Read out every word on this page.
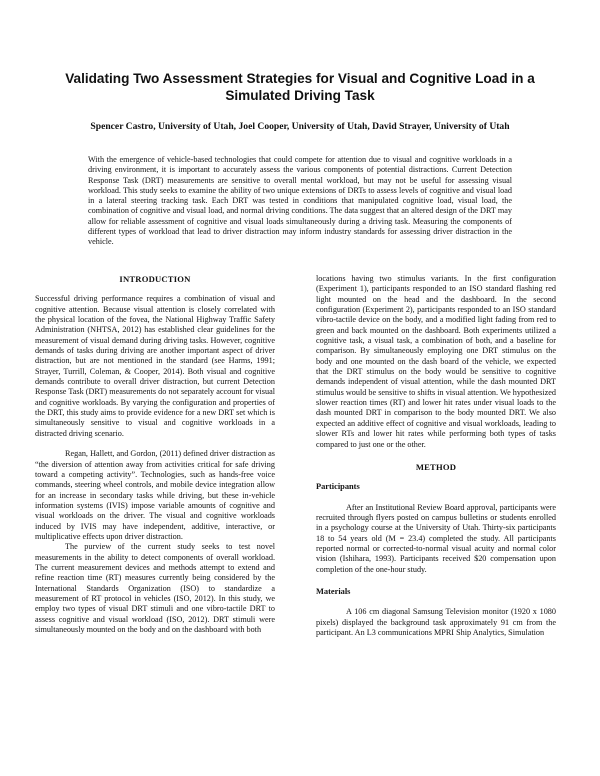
Validating Two Assessment Strategies for Visual and Cognitive Load in a Simulated Driving Task

Spencer Castro, University of Utah, Joel Cooper, University of Utah, David Strayer, University of Utah

With the emergence of vehicle-based technologies that could compete for attention due to visual and cognitive workloads in a driving environment, it is important to accurately assess the various components of potential distractions. Current Detection Response Task (DRT) measurements are sensitive to overall mental workload, but may not be useful for assessing visual workload. This study seeks to examine the ability of two unique extensions of DRTs to assess levels of cognitive and visual load in a lateral steering tracking task. Each DRT was tested in conditions that manipulated cognitive load, visual load, the combination of cognitive and visual load, and normal driving conditions. The data suggest that an altered design of the DRT may allow for reliable assessment of cognitive and visual loads simultaneously during a driving task. Measuring the components of different types of workload that lead to driver distraction may inform industry standards for assessing driver distraction in the vehicle.

INTRODUCTION

Successful driving performance requires a combination of visual and cognitive attention. Because visual attention is closely correlated with the physical location of the fovea, the National Highway Traffic Safety Administration (NHTSA, 2012) has established clear guidelines for the measurement of visual demand during driving tasks. However, cognitive demands of tasks during driving are another important aspect of driver distraction, but are not mentioned in the standard (see Harms, 1991; Strayer, Turrill, Coleman, & Cooper, 2014). Both visual and cognitive demands contribute to overall driver distraction, but current Detection Response Task (DRT) measurements do not separately account for visual and cognitive workloads. By varying the configuration and properties of the DRT, this study aims to provide evidence for a new DRT set which is simultaneously sensitive to visual and cognitive workloads in a distracted driving scenario.

Regan, Hallett, and Gordon, (2011) defined driver distraction as “the diversion of attention away from activities critical for safe driving toward a competing activity”. Technologies, such as hands-free voice commands, steering wheel controls, and mobile device integration allow for an increase in secondary tasks while driving, but these in-vehicle information systems (IVIS) impose variable amounts of cognitive and visual workloads on the driver. The visual and cognitive workloads induced by IVIS may have independent, additive, interactive, or multiplicative effects upon driver distraction.

The purview of the current study seeks to test novel measurements in the ability to detect components of overall workload. The current measurement devices and methods attempt to extend and refine reaction time (RT) measures currently being considered by the International Standards Organization (ISO) to standardize a measurement of RT protocol in vehicles (ISO, 2012). In this study, we employ two types of visual DRT stimuli and one vibro-tactile DRT to assess cognitive and visual workload (ISO, 2012). DRT stimuli were simultaneously mounted on the body and on the dashboard with both

locations having two stimulus variants. In the first configuration (Experiment 1), participants responded to an ISO standard flashing red light mounted on the head and the dashboard. In the second configuration (Experiment 2), participants responded to an ISO standard vibro-tactile device on the body, and a modified light fading from red to green and back mounted on the dashboard. Both experiments utilized a cognitive task, a visual task, a combination of both, and a baseline for comparison. By simultaneously employing one DRT stimulus on the body and one mounted on the dash board of the vehicle, we expected that the DRT stimulus on the body would be sensitive to cognitive demands independent of visual attention, while the dash mounted DRT stimulus would be sensitive to shifts in visual attention. We hypothesized slower reaction times (RT) and lower hit rates under visual loads to the dash mounted DRT in comparison to the body mounted DRT. We also expected an additive effect of cognitive and visual workloads, leading to slower RTs and lower hit rates while performing both types of tasks compared to just one or the other.

METHOD
Participants

After an Institutional Review Board approval, participants were recruited through flyers posted on campus bulletins or students enrolled in a psychology course at the University of Utah. Thirty-six participants 18 to 54 years old (M = 23.4) completed the study. All participants reported normal or corrected-to-normal visual acuity and normal color vision (Ishihara, 1993). Participants received $20 compensation upon completion of the one-hour study.

Materials

A 106 cm diagonal Samsung Television monitor (1920 x 1080 pixels) displayed the background task approximately 91 cm from the participant. An L3 communications MPRI Ship Analytics, Simulation
